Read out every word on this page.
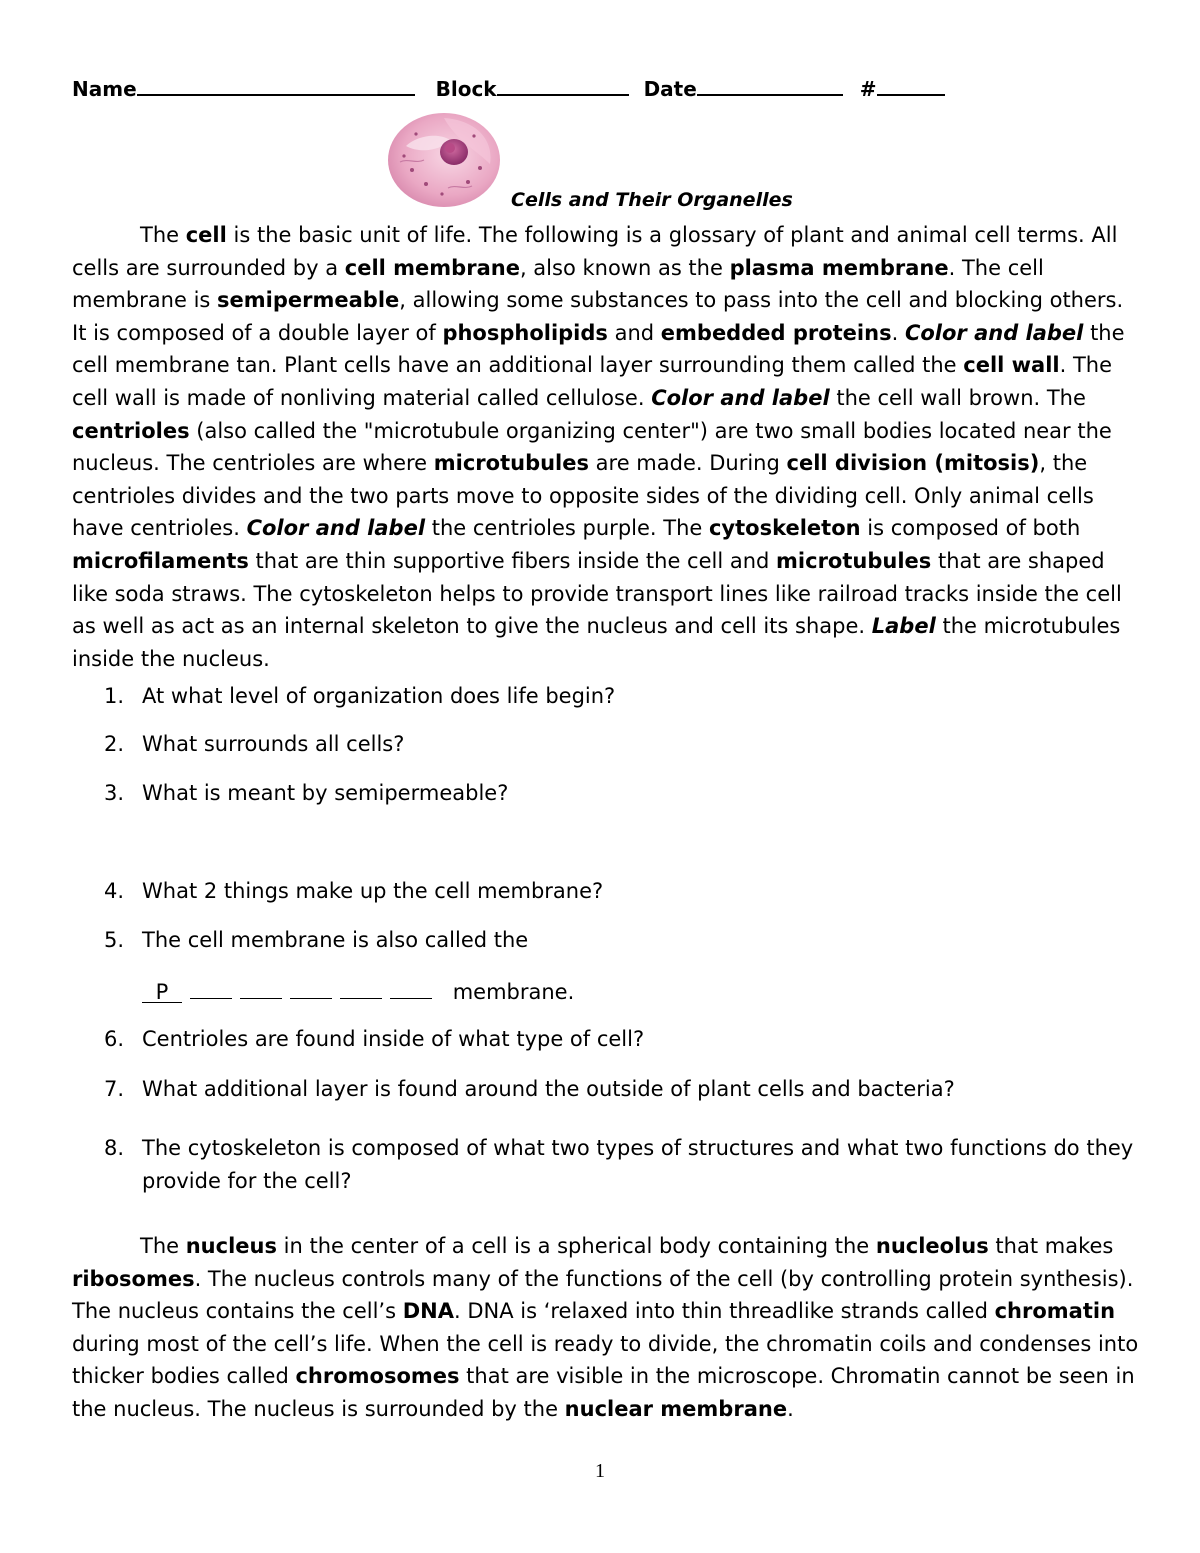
Name	Block	Date	#
Cells and Their Organelles

The cell is the basic unit of life. The following is a glossary of plant and animal cell terms. All cells are surrounded by a cell membrane, also known as the plasma membrane. The cell membrane is semipermeable, allowing some substances to pass into the cell and blocking others. It is composed of a double layer of phospholipids and embedded proteins. Color and label the cell membrane tan. Plant cells have an additional layer surrounding them called the cell wall. The cell wall is made of nonliving material called cellulose. Color and label the cell wall brown. The centrioles (also called the "microtubule organizing center") are two small bodies located near the nucleus. The centrioles are where microtubules are made. During cell division (mitosis), the centrioles divides and the two parts move to opposite sides of the dividing cell. Only animal cells have centrioles. Color and label the centrioles purple. The cytoskeleton is composed of both microfilaments that are thin supportive fibers inside the cell and microtubules that are shaped like soda straws. The cytoskeleton helps to provide transport lines like railroad tracks inside the cell as well as act as an internal skeleton to give the nucleus and cell its shape. Label the microtubules inside the nucleus.

1. At what level of organization does life begin?
2. What surrounds all cells?
3. What is meant by semipermeable?
4. What 2 things make up the cell membrane?
5. The cell membrane is also called the
P	membrane.
6. Centrioles are found inside of what type of cell?
7. What additional layer is found around the outside of plant cells and bacteria?
8. The cytoskeleton is composed of what two types of structures and what two functions do they provide for the cell?

The nucleus in the center of a cell is a spherical body containing the nucleolus that makes ribosomes. The nucleus controls many of the functions of the cell (by controlling protein synthesis). The nucleus contains the cell’s DNA. DNA is ‘relaxed into thin threadlike strands called chromatin during most of the cell’s life. When the cell is ready to divide, the chromatin coils and condenses into thicker bodies called chromosomes that are visible in the microscope. Chromatin cannot be seen in the nucleus. The nucleus is surrounded by the nuclear membrane.

1
